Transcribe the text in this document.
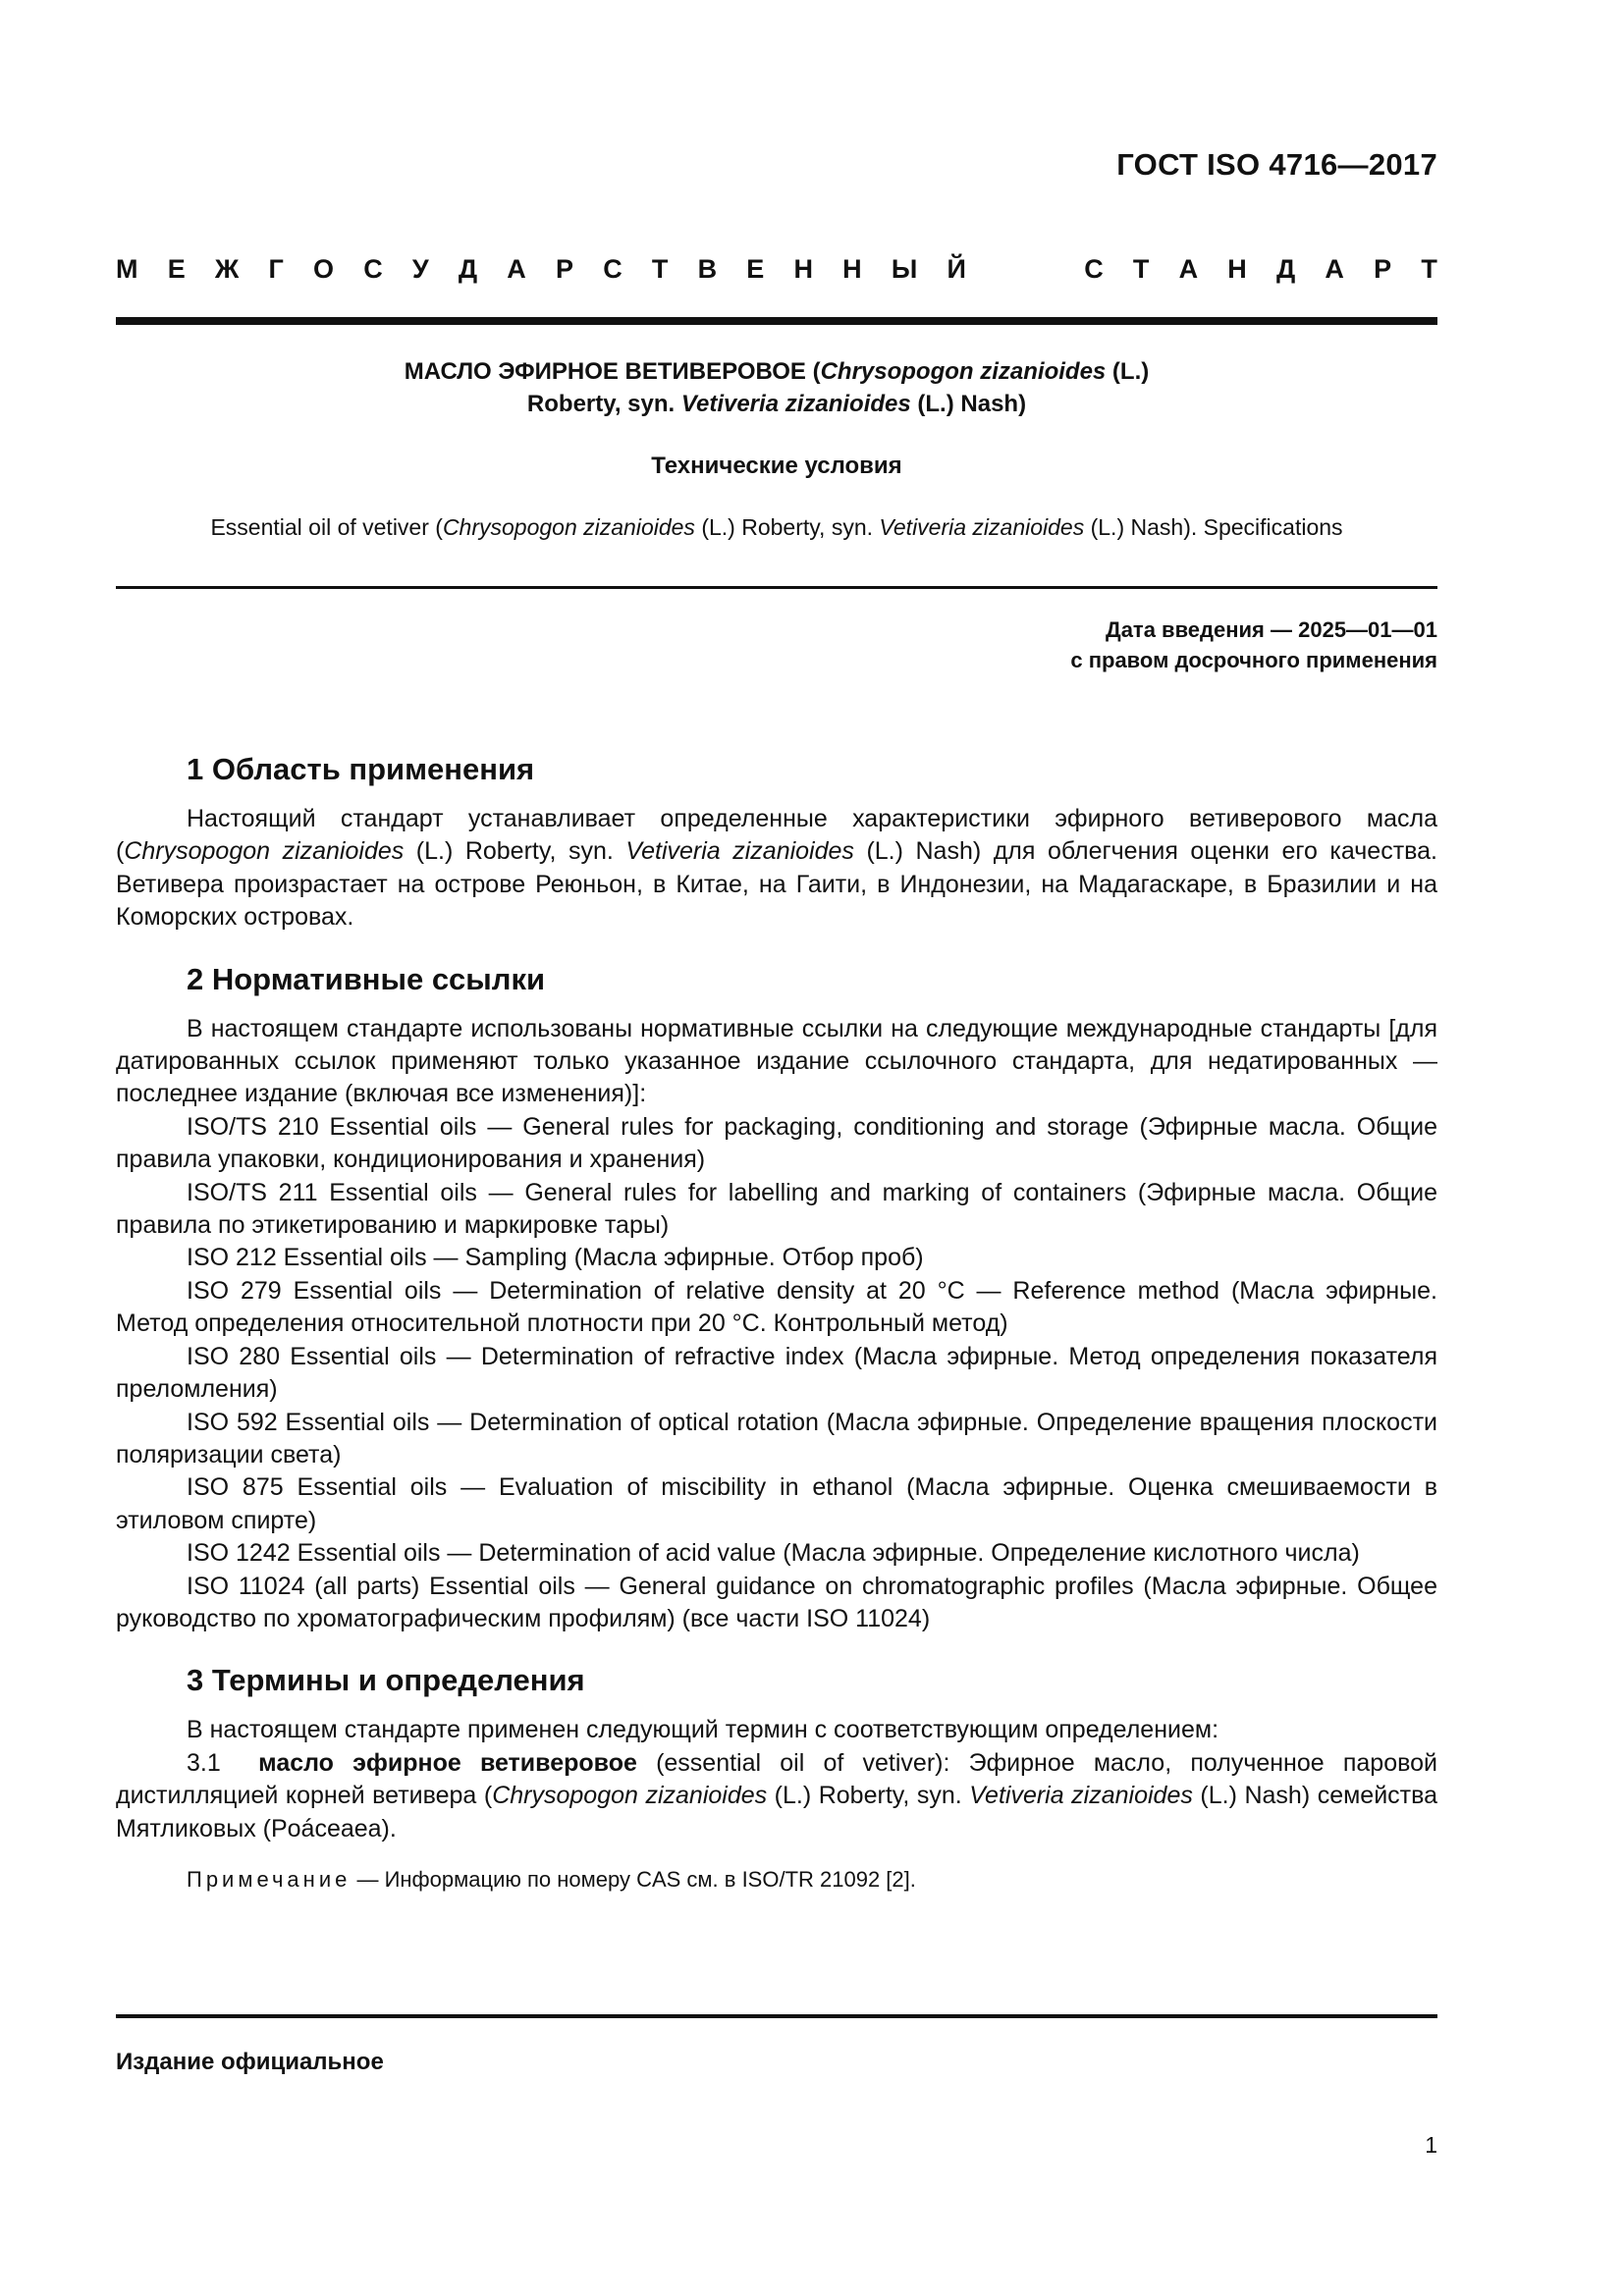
ГОСТ ISO 4716—2017
М Е Ж Г О С У Д А Р С Т В Е Н Н Ы Й	С Т А Н Д А Р Т
МАСЛО ЭФИРНОЕ ВЕТИВЕРОВОЕ (Chrysopogon zizanioides (L.)
Roberty, syn. Vetiveria zizanioides (L.) Nash)
Технические условия
Essential oil of vetiver (Chrysopogon zizanioides (L.) Roberty, syn. Vetiveria zizanioides (L.) Nash). Specifications
Дата введения — 2025—01—01
с правом досрочного применения
1 Область применения

Настоящий стандарт устанавливает определенные характеристики эфирного ветиверового масла (Chrysopogon zizanioides (L.) Roberty, syn. Vetiveria zizanioides (L.) Nash) для облегчения оценки его качества. Ветивера произрастает на острове Реюньон, в Китае, на Гаити, в Индонезии, на Мадагаскаре, в Бразилии и на Коморских островах.

2 Нормативные ссылки

В настоящем стандарте использованы нормативные ссылки на следующие международные стандарты [для датированных ссылок применяют только указанное издание ссылочного стандарта, для недатированных — последнее издание (включая все изменения)]:

ISO/TS 210 Essential oils — General rules for packaging, conditioning and storage (Эфирные масла. Общие правила упаковки, кондиционирования и хранения)

ISO/TS 211 Essential oils — General rules for labelling and marking of containers (Эфирные масла. Общие правила по этикетированию и маркировке тары)

ISO 212 Essential oils — Sampling (Масла эфирные. Отбор проб)

ISO 279 Essential oils — Determination of relative density at 20 °C — Reference method (Масла эфирные. Метод определения относительной плотности при 20 °C. Контрольный метод)

ISO 280 Essential oils — Determination of refractive index (Масла эфирные. Метод определения показателя преломления)

ISO 592 Essential oils — Determination of optical rotation (Масла эфирные. Определение вращения плоскости поляризации света)

ISO 875 Essential oils — Evaluation of miscibility in ethanol (Масла эфирные. Оценка смешиваемости в этиловом спирте)

ISO 1242 Essential oils — Determination of acid value (Масла эфирные. Определение кислотного числа)

ISO 11024 (all parts) Essential oils — General guidance on chromatographic profiles (Масла эфирные. Общее руководство по хроматографическим профилям) (все части ISO 11024)

3 Термины и определения

В настоящем стандарте применен следующий термин с соответствующим определением:

3.1  масло эфирное ветиверовое (essential oil of vetiver): Эфирное масло, полученное паровой дистилляцией корней ветивера (Chrysopogon zizanioides (L.) Roberty, syn. Vetiveria zizanioides (L.) Nash) семейства Мятликовых (Poáceaea).

Примечание — Информацию по номеру CAS см. в ISO/TR 21092 [2].

Издание официальное
1
